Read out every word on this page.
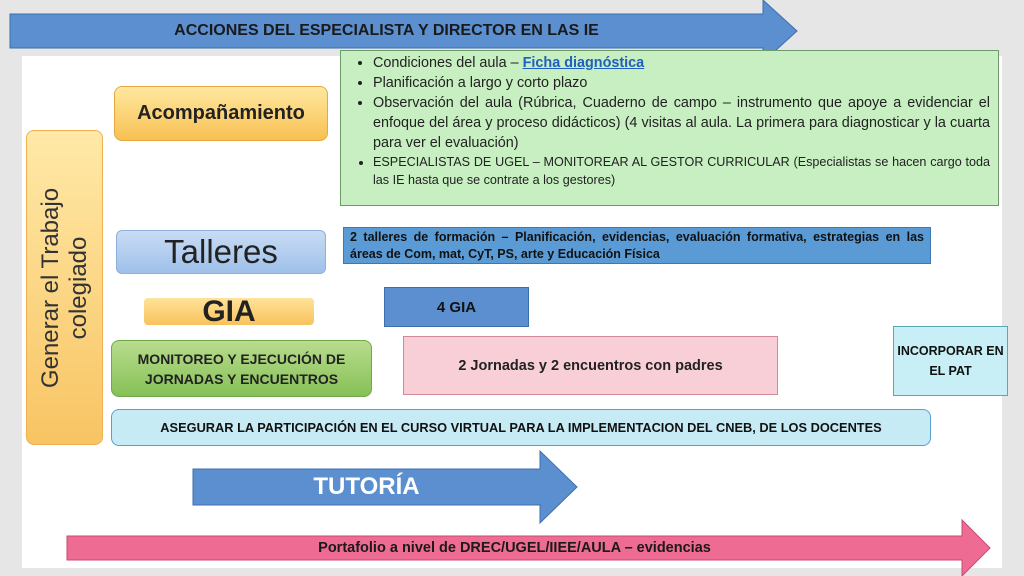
ACCIONES DEL ESPECIALISTA Y DIRECTOR EN LAS IE
Generar el Trabajo colegiado
Acompañamiento
• Condiciones del aula – Ficha diagnóstica
• Planificación a largo y corto plazo
• Observación del aula (Rúbrica, Cuaderno de campo – instrumento que apoye a evidenciar el enfoque del área y proceso didácticos) (4 visitas al aula. La primera para diagnosticar y la cuarta para ver el evaluación)
• ESPECIALISTAS DE UGEL – MONITOREAR AL GESTOR CURRICULAR (Especialistas se hacen cargo toda las IE hasta que se contrate a los gestores)
Talleres	2 talleres de formación – Planificación, evidencias, evaluación formativa, estrategias en las áreas de Com, mat, CyT, PS, arte y Educación Física
GIA	4 GIA
MONITOREO Y EJECUCIÓN DE JORNADAS Y ENCUENTROS
2 Jornadas y 2 encuentros con padres
INCORPORAR EN EL PAT
ASEGURAR LA PARTICIPACIÓN EN EL CURSO VIRTUAL PARA LA IMPLEMENTACION DEL CNEB, DE LOS DOCENTES
TUTORÍA
Portafolio a nivel de DREC/UGEL/IIEE/AULA – evidencias
